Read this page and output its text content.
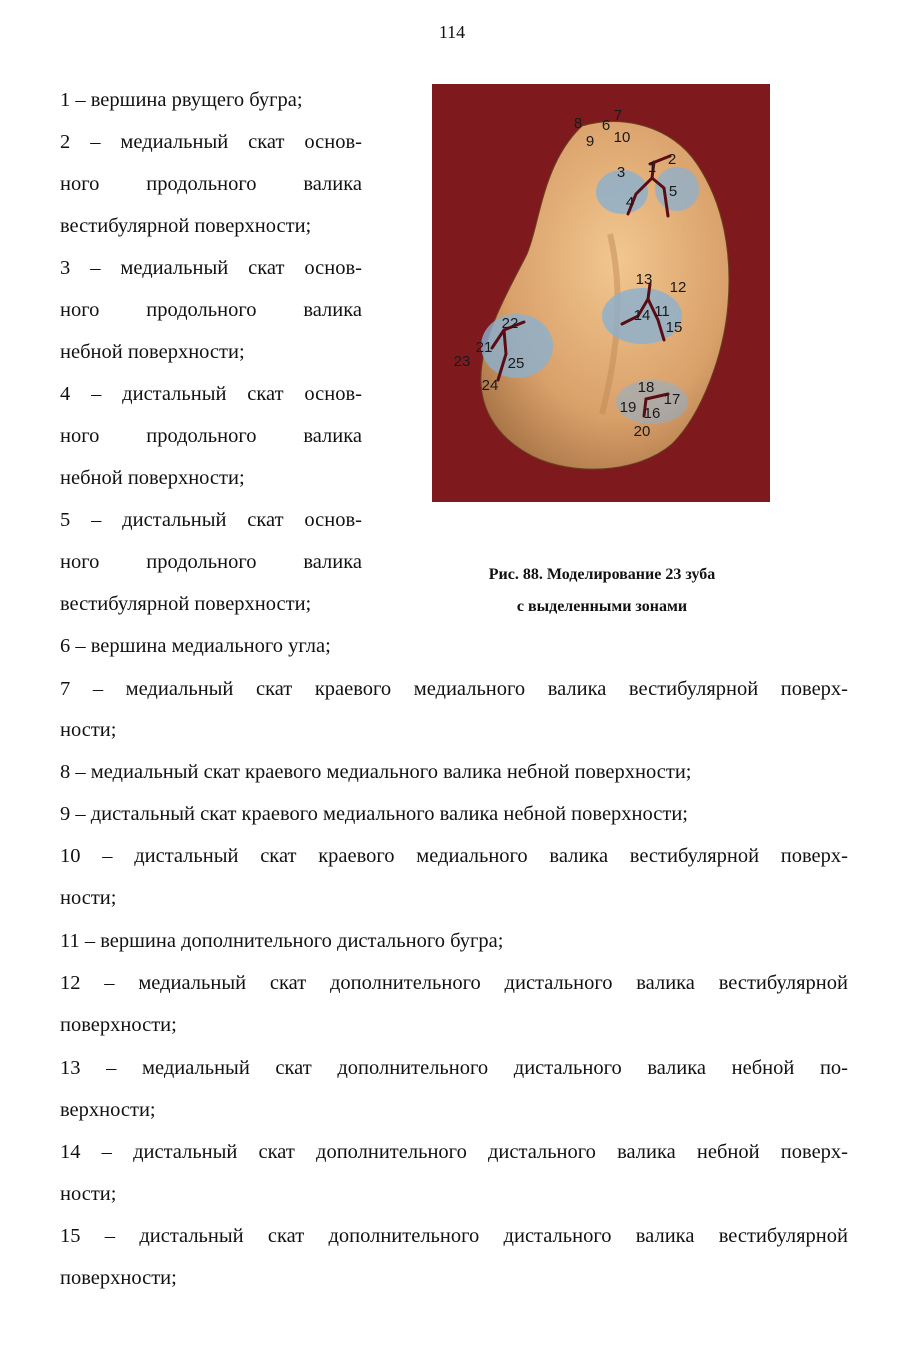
114
1 – вершина рвущего бугра;
2 – медиальный скат основ-
ного продольного валика
вестибулярной поверхности;
3 – медиальный скат основ-
ного продольного валика
небной поверхности;
4 – дистальный скат основ-
ного продольного валика
небной поверхности;
5 – дистальный скат основ-
ного продольного валика
вестибулярной поверхности;
1 2
3
4
5
6
7
8
9 10
11
12
13
14
15
16
17
18
19
20
21
22
23
24
25
Рис. 88. Моделирование 23 зуба
с выделенными зонами
6 – вершина медиального угла;
7 – медиальный скат краевого медиального валика вестибулярной поверх-
ности;
8 – медиальный скат краевого медиального валика небной поверхности;
9 – дистальный скат краевого медиального валика небной поверхности;
10 – дистальный скат краевого медиального валика вестибулярной поверх-
ности;
11 – вершина дополнительного дистального бугра;
12 – медиальный скат дополнительного дистального валика вестибулярной
поверхности;
13 – медиальный скат дополнительного дистального валика небной по-
верхности;
14 – дистальный скат дополнительного дистального валика небной поверх-
ности;
15 – дистальный скат дополнительного дистального валика вестибулярной
поверхности;
